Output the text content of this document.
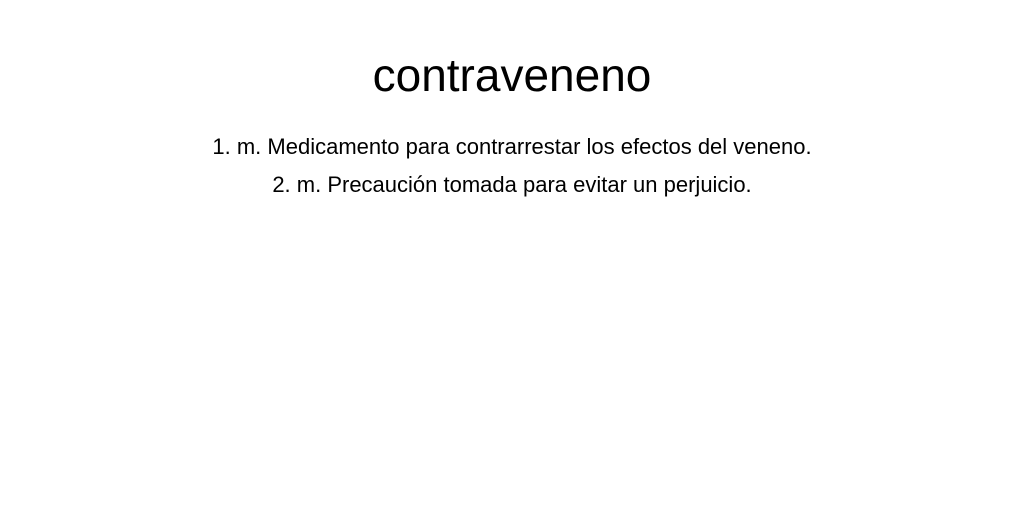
contraveneno
1. m. Medicamento para contrarrestar los efectos del veneno.
2. m. Precaución tomada para evitar un perjuicio.
